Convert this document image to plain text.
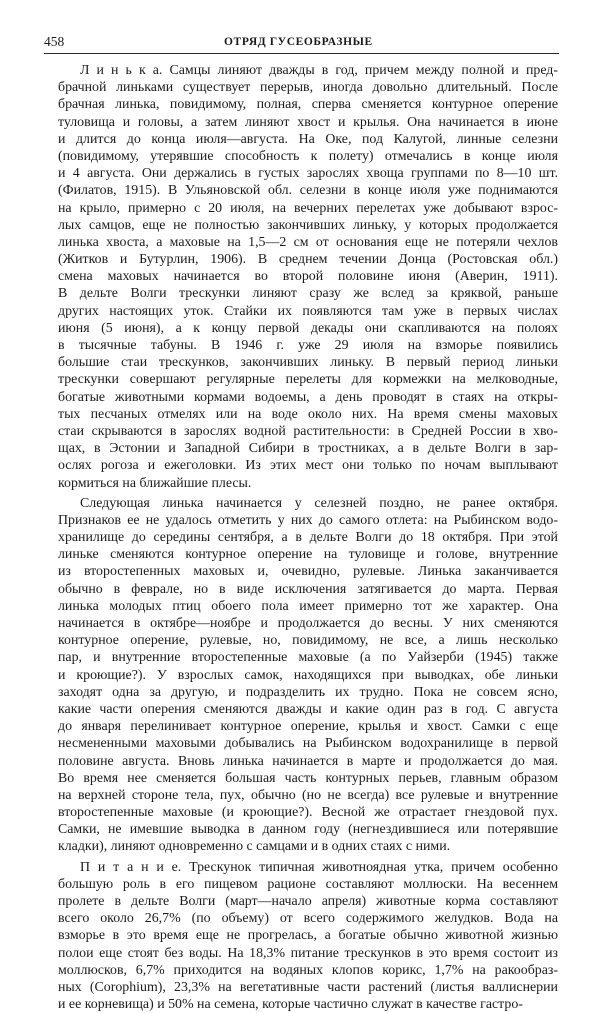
458	ОТРЯД ГУСЕОБРАЗНЫЕ
Л и н ь к а. Самцы линяют дважды в год, причем между полной и пред-
брачной линьками существует перерыв, иногда довольно длительный. После
брачная линька, повидимому, полная, сперва сменяется контурное оперение
туловища и головы, а затем линяют хвост и крылья. Она начинается в июне
и длится до конца июля—августа. На Оке, под Калугой, линные селезни
(повидимому, утерявшие способность к полету) отмечались в конце июля
и 4 августа. Они держались в густых зарослях хвоща группами по 8—10 шт.
(Филатов, 1915). В Ульяновской обл. селезни в конце июля уже поднимаются
на крыло, примерно с 20 июля, на вечерних перелетах уже добывают взрос-
лых самцов, еще не полностью закончивших линьку, у которых продолжается
линька хвоста, а маховые на 1,5—2 см от основания еще не потеряли чехлов
(Житков и Бутурлин, 1906). В среднем течении Донца (Ростовская обл.)
смена маховых начинается во второй половине июня (Аверин, 1911).
В дельте Волги трескунки линяют сразу же вслед за кряквой, раньше
других настоящих уток. Стайки их появляются там уже в первых числах
июня (5 июня), а к концу первой декады они скапливаются на полоях
в тысячные табуны. В 1946 г. уже 29 июля на взморье появились
большие стаи трескунков, закончивших линьку. В первый период линьки
трескунки совершают регулярные перелеты для кормежки на мелководные,
богатые животными кормами водоемы, а день проводят в стаях на откры-
тых песчаных отмелях или на воде около них. На время смены маховых
стаи скрываются в зарослях водной растительности: в Средней России в хво-
щах, в Эстонии и Западной Сибири в тростниках, а в дельте Волги в зар-
ослях рогоза и ежеголовки. Из этих мест они только по ночам выплывают
кормиться на ближайшие плесы.
Следующая линька начинается у селезней поздно, не ранее октября.
Признаков ее не удалось отметить у них до самого отлета: на Рыбинском водо-
хранилище до середины сентября, а в дельте Волги до 18 октября. При этой
линьке сменяются контурное оперение на туловище и голове, внутренние
из второстепенных маховых и, очевидно, рулевые. Линька заканчивается
обычно в феврале, но в виде исключения затягивается до марта. Первая
линька молодых птиц обоего пола имеет примерно тот же характер. Она
начинается в октябре—ноябре и продолжается до весны. У них сменяются
контурное оперение, рулевые, но, повидимому, не все, а лишь несколько
пар, и внутренние второстепенные маховые (а по Уайзерби (1945) также
и кроющие?). У взрослых самок, находящихся при выводках, обе линьки
заходят одна за другую, и подразделить их трудно. Пока не совсем ясно,
какие части оперения сменяются дважды и какие один раз в год. С августа
до января перелинивает контурное оперение, крылья и хвост. Самки с еще
несмененными маховыми добывались на Рыбинском водохранилище в первой
половине августа. Вновь линька начинается в марте и продолжается до мая.
Во время нее сменяется большая часть контурных перьев, главным образом
на верхней стороне тела, пух, обычно (но не всегда) все рулевые и внутренние
второстепенные маховые (и кроющие?). Весной же отрастает гнездовой пух.
Самки, не имевшие выводка в данном году (негнездившиеся или потерявшие
кладки), линяют одновременно с самцами и в одних стаях с ними.
П и т а н и е. Трескунок типичная животноядная утка, причем особенно
большую роль в его пищевом рационе составляют моллюски. На весеннем
пролете в дельте Волги (март—начало апреля) животные корма составляют
всего около 26,7% (по объему) от всего содержимого желудков. Вода на
взморье в это время еще не прогрелась, а богатые обычно животной жизнью
полои еще стоят без воды. На 18,3% питание трескунков в это время состоит из
моллюсков, 6,7% приходится на водяных клопов корикс, 1,7% на ракообраз-
ных (Corophium), 23,3% на вегетативные части растений (листья валлиснерии
и ее корневища) и 50% на семена, которые частично служат в качестве гастро-
